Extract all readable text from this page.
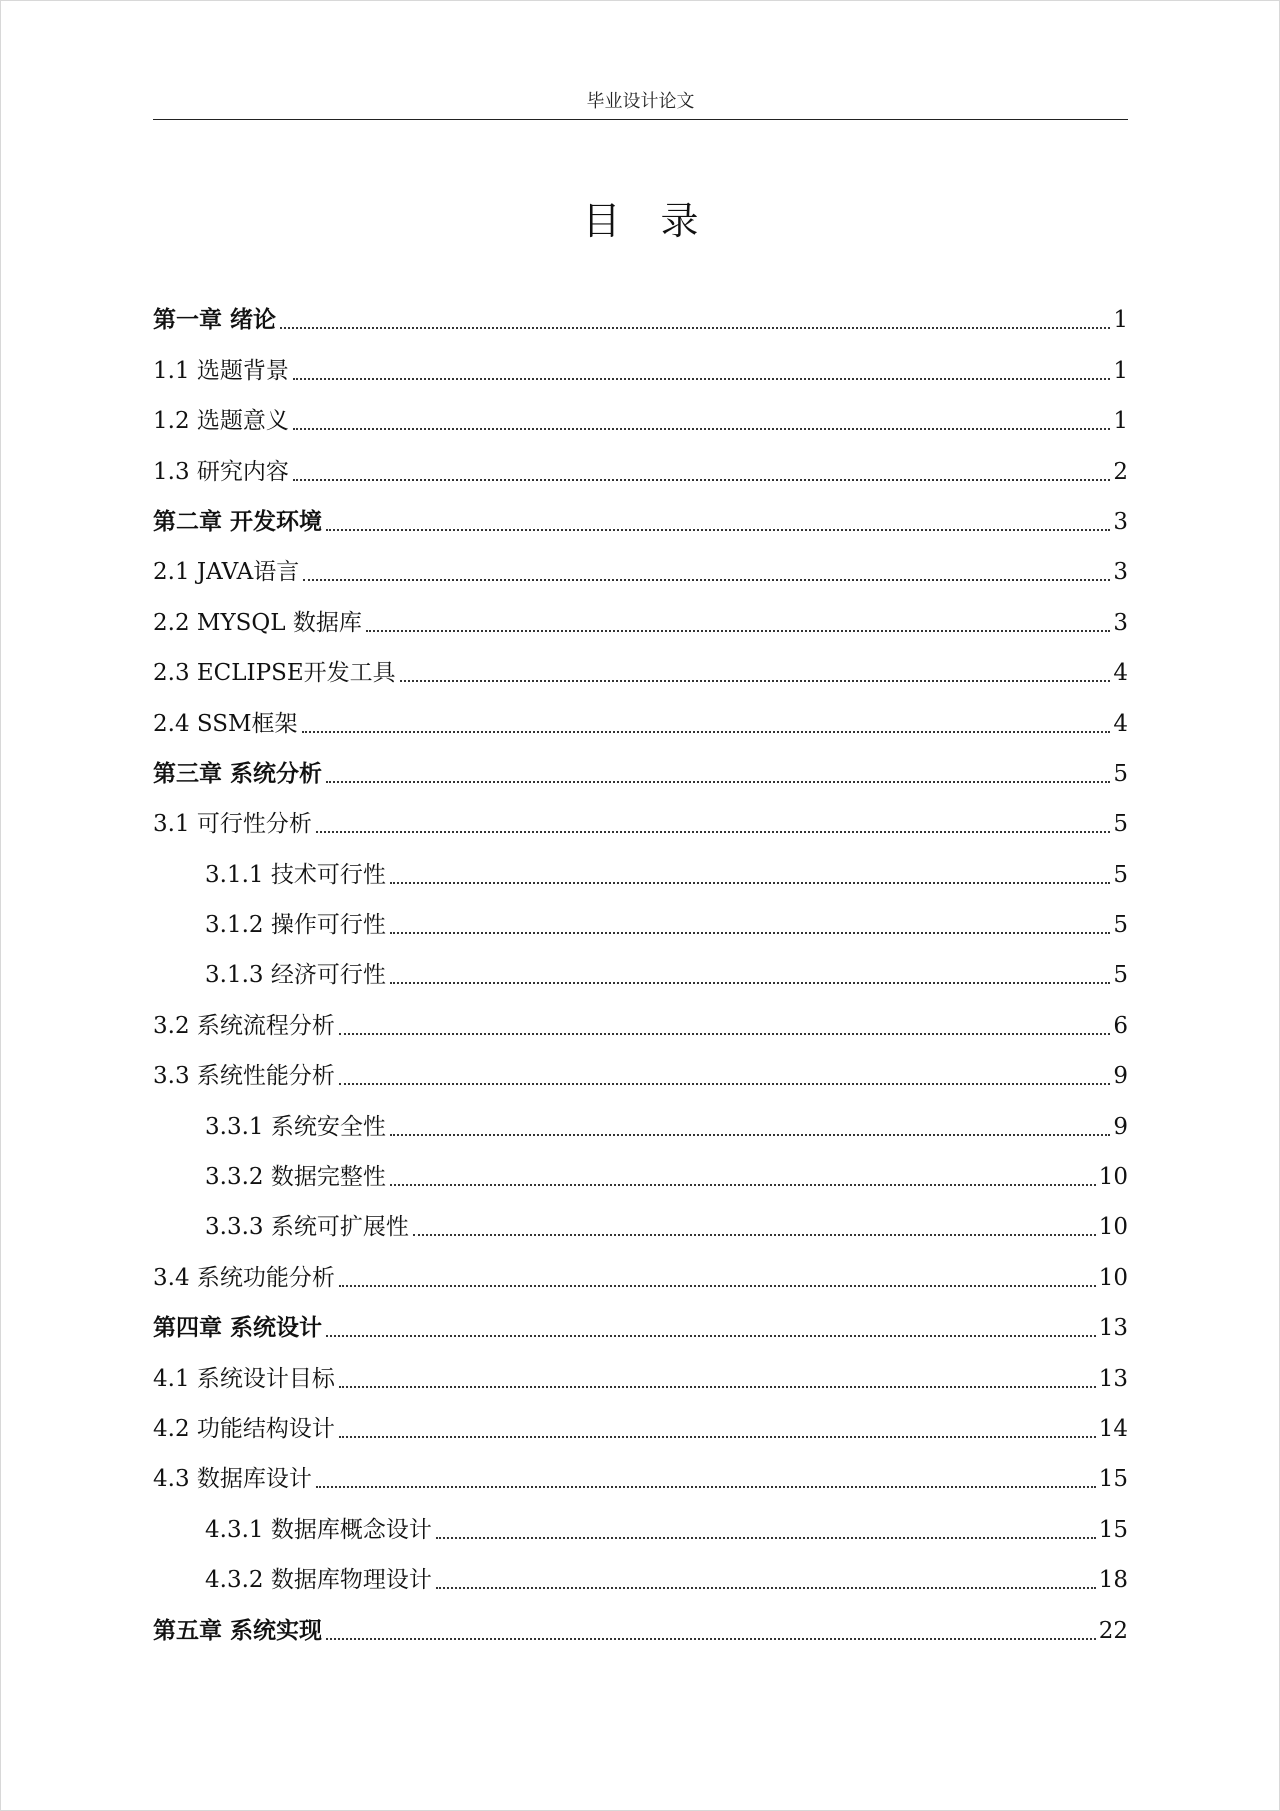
毕业设计论文
目录
第一章 绪论	1
1.1 选题背景	1
1.2 选题意义	1
1.3 研究内容	2
第二章 开发环境	3
2.1 JAVA语言	3
2.2 MYSQL 数据库	3
2.3 ECLIPSE开发工具	4
2.4 SSM框架	4
第三章 系统分析	5
3.1 可行性分析	5
3.1.1 技术可行性	5
3.1.2 操作可行性	5
3.1.3 经济可行性	5
3.2 系统流程分析	6
3.3 系统性能分析	9
3.3.1 系统安全性	9
3.3.2 数据完整性	10
3.3.3 系统可扩展性	10
3.4 系统功能分析	10
第四章 系统设计	13
4.1 系统设计目标	13
4.2 功能结构设计	14
4.3 数据库设计	15
4.3.1 数据库概念设计	15
4.3.2 数据库物理设计	18
第五章 系统实现	22
